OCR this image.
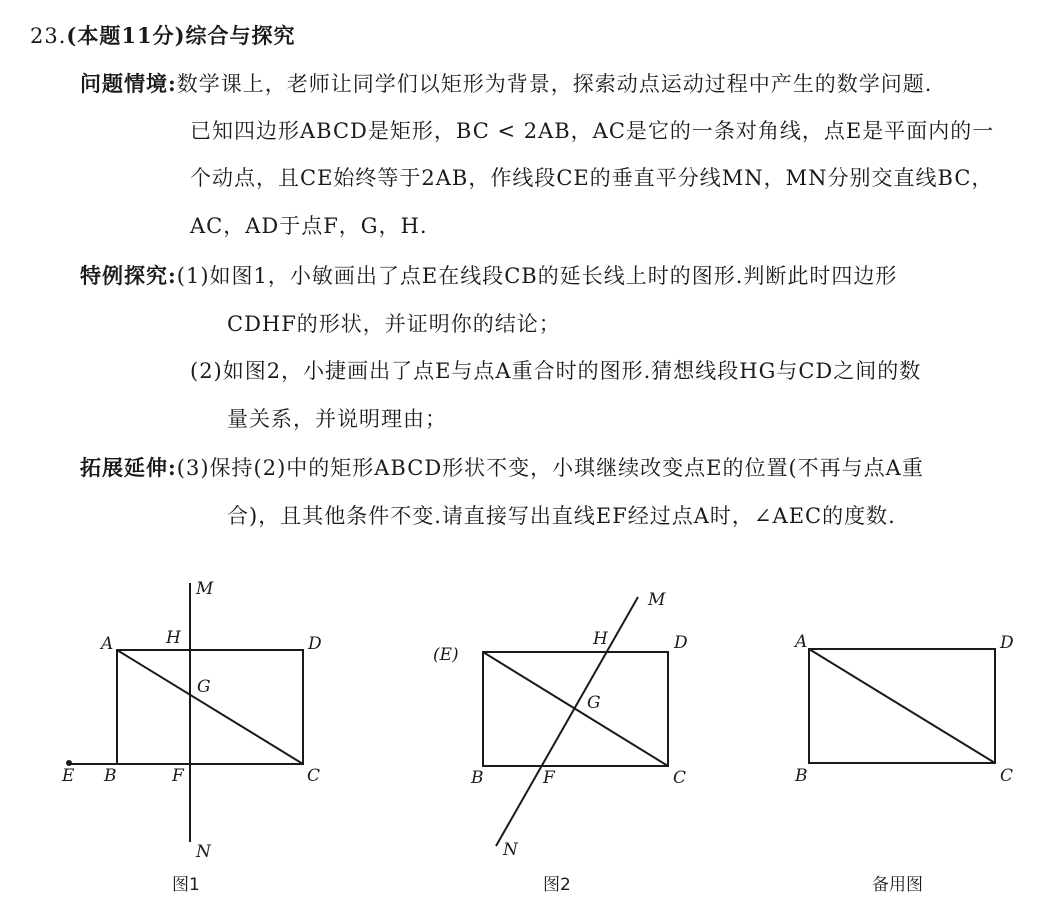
23.(本题11分)综合与探究
问题情境:数学课上，老师让同学们以矩形为背景，探索动点运动过程中产生的数学问题.
已知四边形ABCD是矩形，BC < 2AB，AC是它的一条对角线，点E是平面内的一
个动点，且CE始终等于2AB，作线段CE的垂直平分线MN，MN分别交直线BC，
AC，AD于点F，G，H.
特例探究:(1)如图1，小敏画出了点E在线段CB的延长线上时的图形.判断此时四边形
CDHF的形状，并证明你的结论；
(2)如图2，小捷画出了点E与点A重合时的图形.猜想线段HG与CD之间的数
量关系，并说明理由；
拓展延伸:(3)保持(2)中的矩形ABCD形状不变，小琪继续改变点E的位置(不再与点A重
合)，且其他条件不变.请直接写出直线EF经过点A时，∠AEC的度数.
M
A	H	D
G
E B	F	C
N
图1
M
(E)
H	D
G
B	F	C
N
图2
A	D
B	C
备用图
